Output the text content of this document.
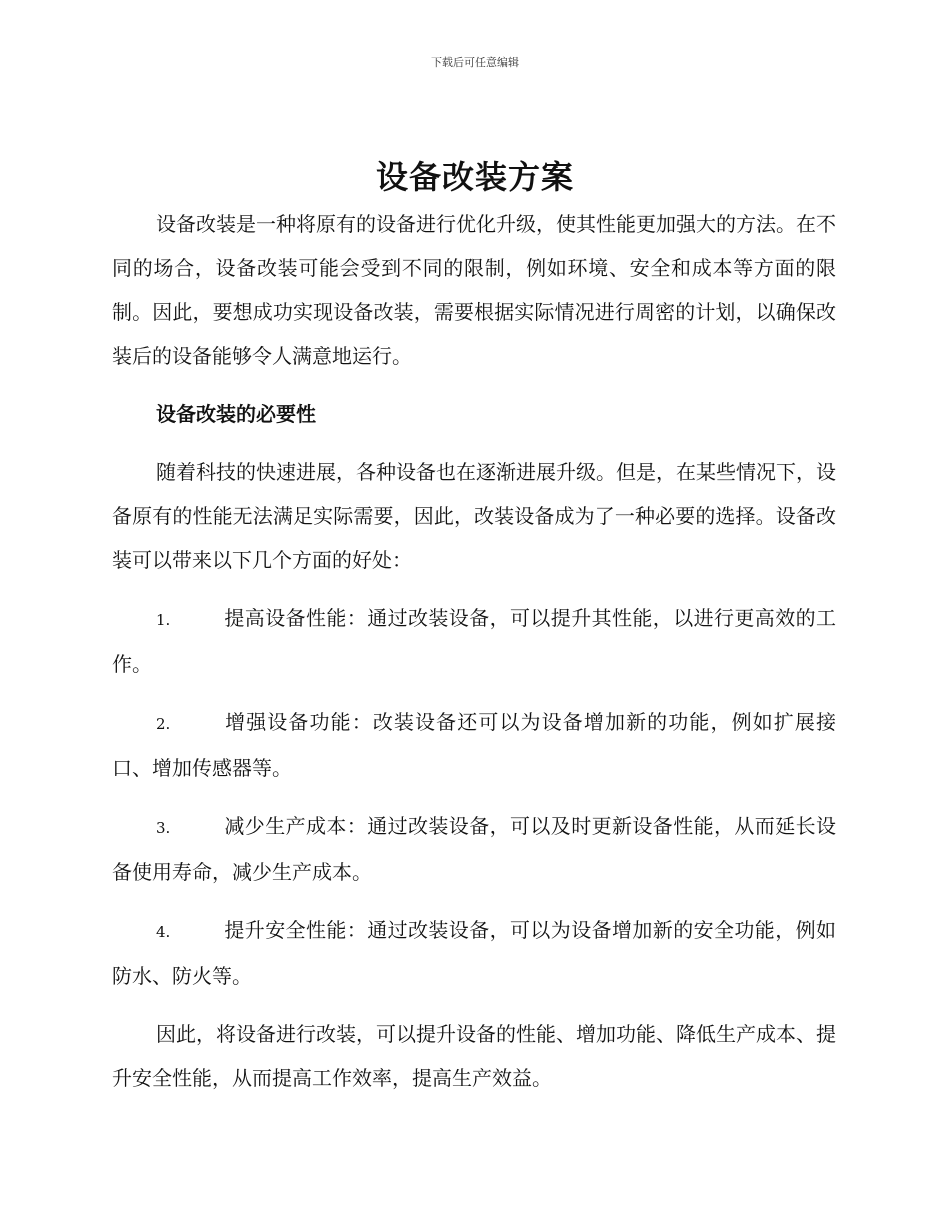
下载后可任意编辑
设备改装方案

设备改装是一种将原有的设备进行优化升级，使其性能更加强大的方法。在不同的场合，设备改装可能会受到不同的限制，例如环境、安全和成本等方面的限制。因此，要想成功实现设备改装，需要根据实际情况进行周密的计划，以确保改装后的设备能够令人满意地运行。

设备改装的必要性

随着科技的快速进展，各种设备也在逐渐进展升级。但是，在某些情况下，设备原有的性能无法满足实际需要，因此，改装设备成为了一种必要的选择。设备改装可以带来以下几个方面的好处：

1.	提高设备性能：通过改装设备，可以提升其性能，以进行更高效的工作。

2.	增强设备功能：改装设备还可以为设备增加新的功能，例如扩展接口、增加传感器等。

3.	减少生产成本：通过改装设备，可以及时更新设备性能，从而延长设备使用寿命，减少生产成本。

4.	提升安全性能：通过改装设备，可以为设备增加新的安全功能，例如防水、防火等。

因此，将设备进行改装，可以提升设备的性能、增加功能、降低生产成本、提升安全性能，从而提高工作效率，提高生产效益。
